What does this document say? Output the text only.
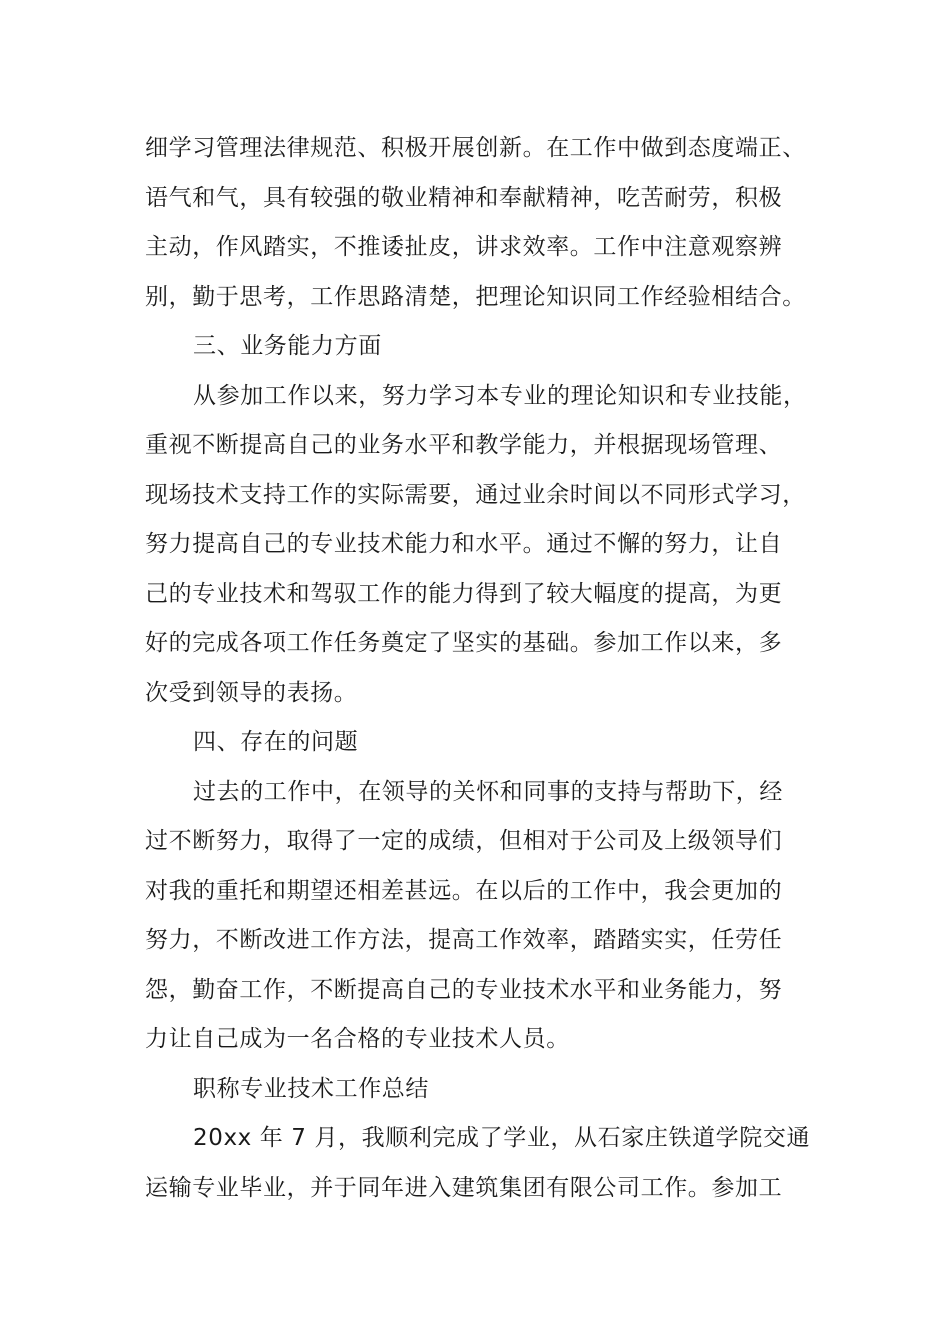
细学习管理法律规范、积极开展创新。在工作中做到态度端正、
语气和气，具有较强的敬业精神和奉献精神，吃苦耐劳，积极
主动，作风踏实，不推诿扯皮，讲求效率。工作中注意观察辨
别，勤于思考，工作思路清楚，把理论知识同工作经验相结合。
三、业务能力方面
从参加工作以来，努力学习本专业的理论知识和专业技能，
重视不断提高自己的业务水平和教学能力，并根据现场管理、
现场技术支持工作的实际需要，通过业余时间以不同形式学习，
努力提高自己的专业技术能力和水平。通过不懈的努力，让自
己的专业技术和驾驭工作的能力得到了较大幅度的提高，为更
好的完成各项工作任务奠定了坚实的基础。参加工作以来，多
次受到领导的表扬。
四、存在的问题
过去的工作中，在领导的关怀和同事的支持与帮助下，经
过不断努力，取得了一定的成绩，但相对于公司及上级领导们
对我的重托和期望还相差甚远。在以后的工作中，我会更加的
努力，不断改进工作方法，提高工作效率，踏踏实实，任劳任
怨，勤奋工作，不断提高自己的专业技术水平和业务能力，努
力让自己成为一名合格的专业技术人员。
职称专业技术工作总结
20xx 年 7 月，我顺利完成了学业，从石家庄铁道学院交通
运输专业毕业，并于同年进入建筑集团有限公司工作。参加工
